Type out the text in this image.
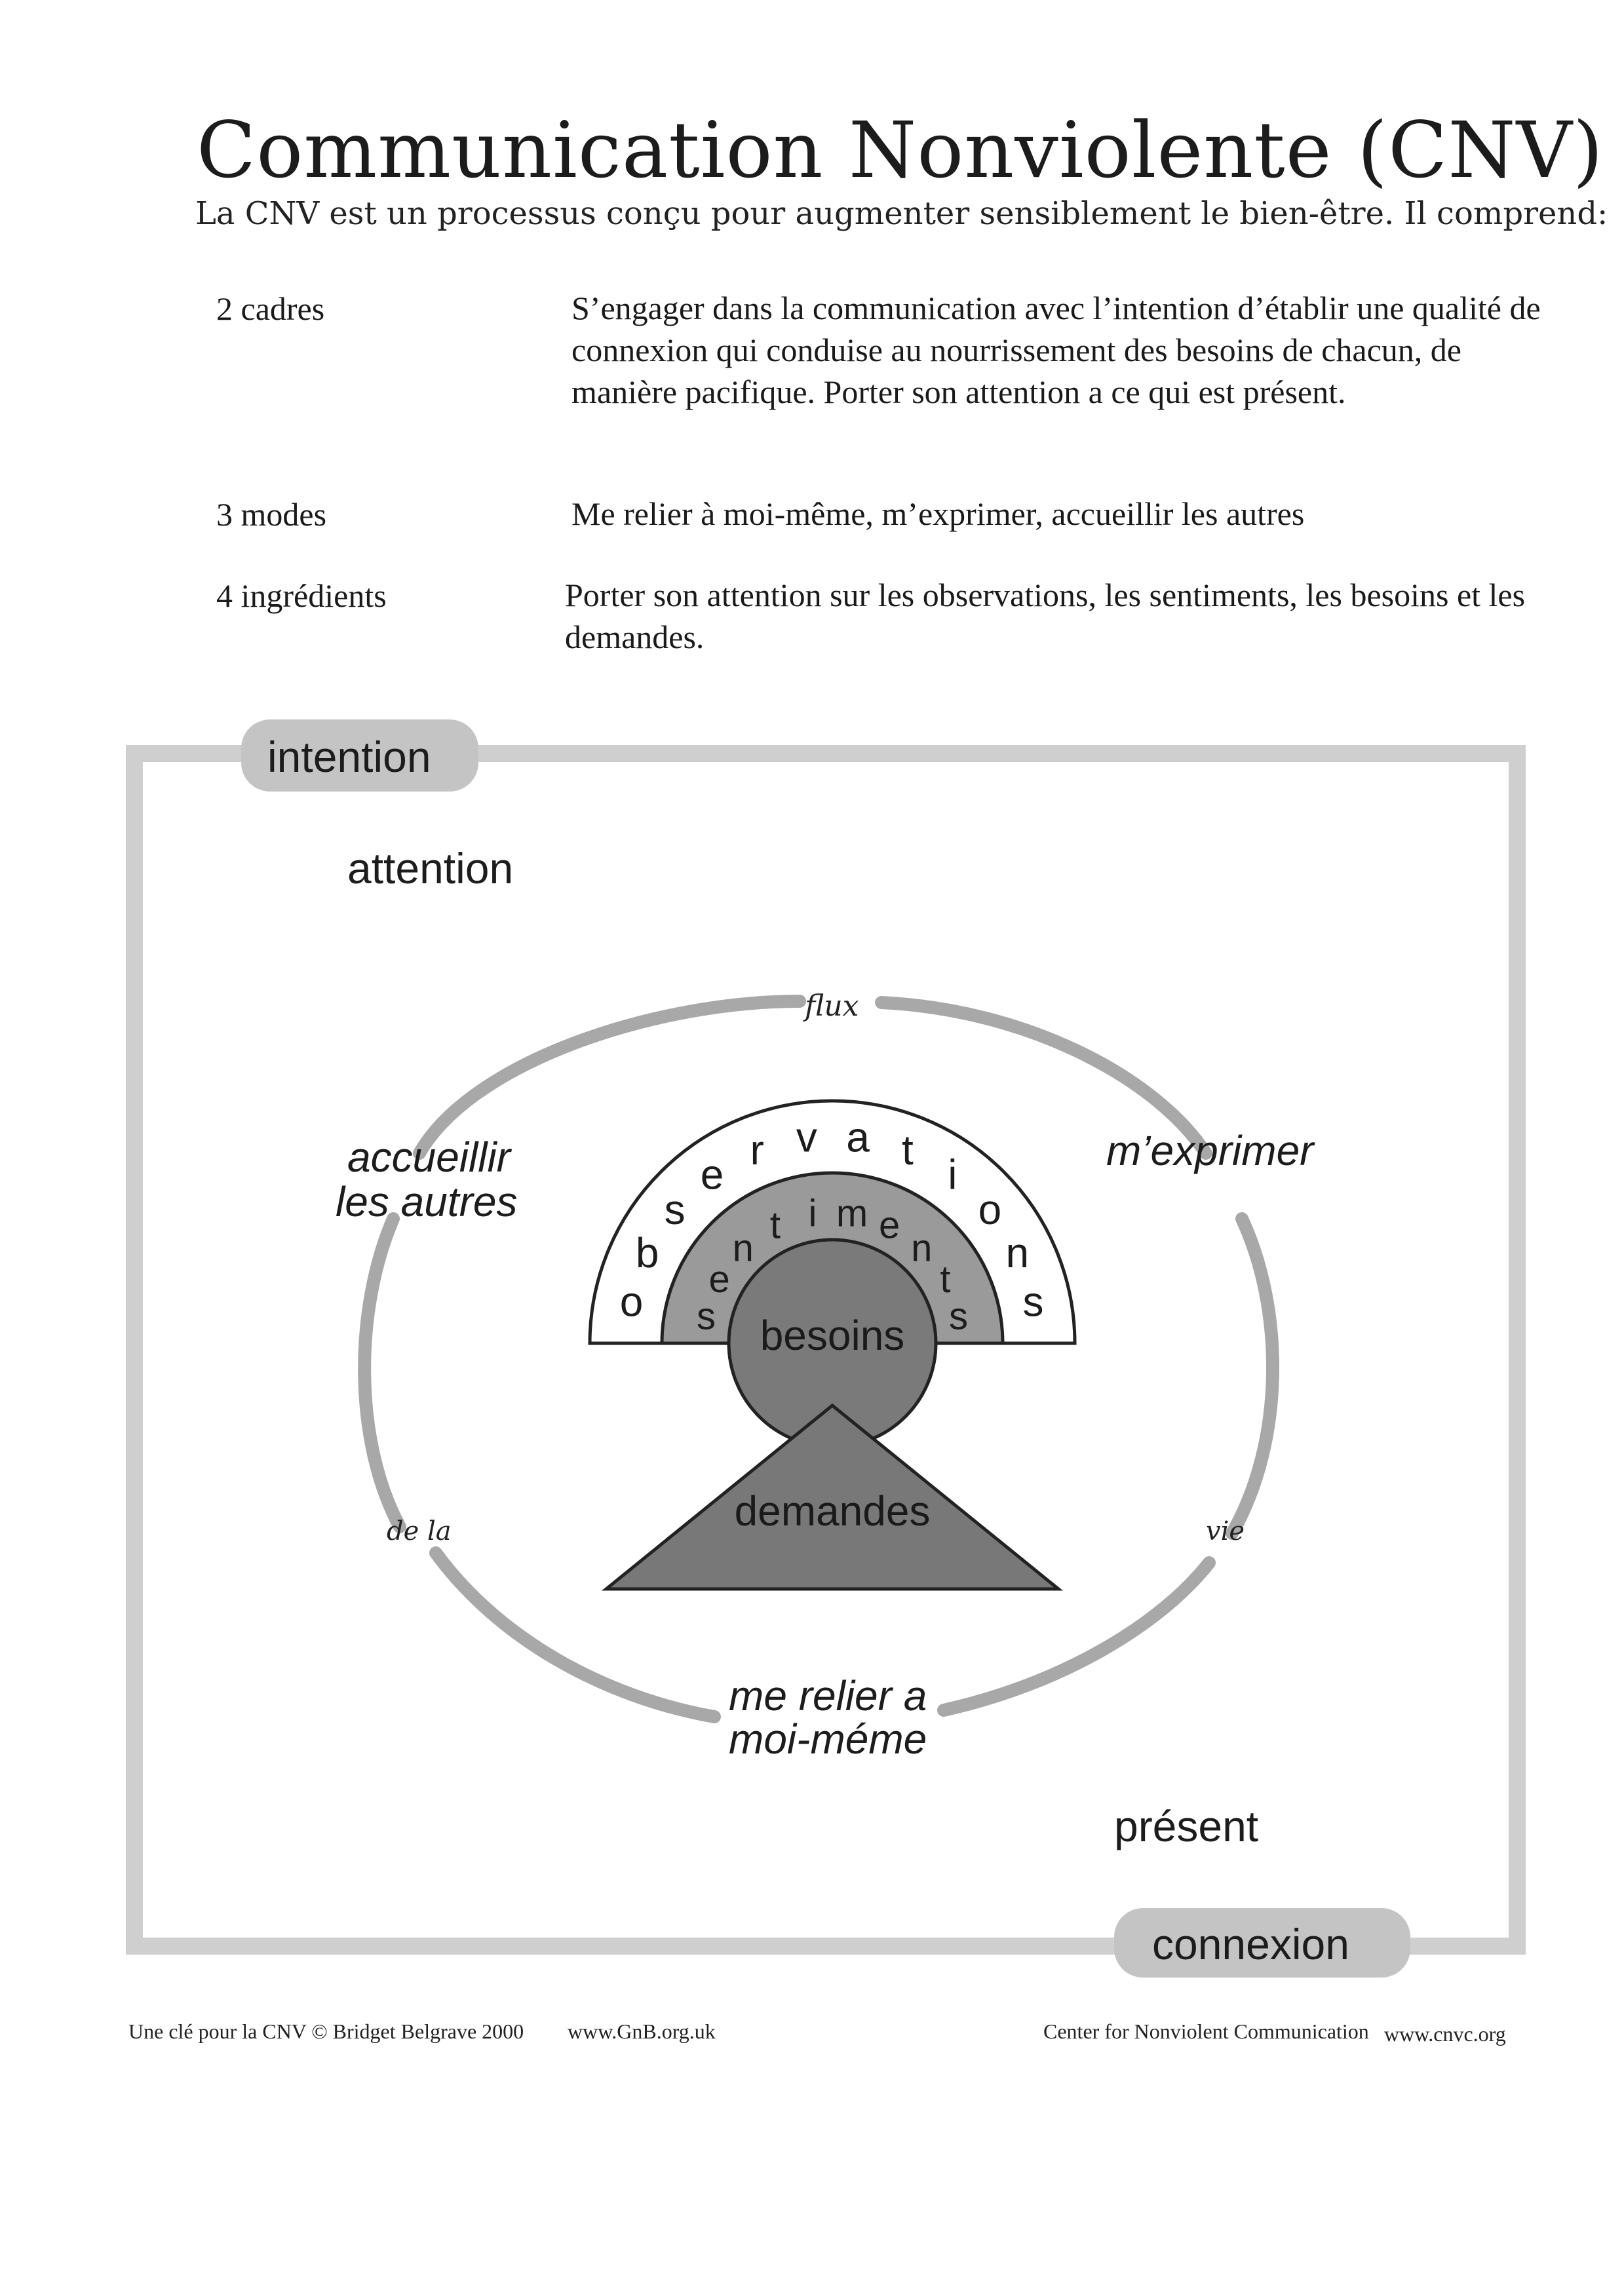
Communication Nonviolente (CNV)
La CNV est un processus conçu pour augmenter sensiblement le bien-être. Il comprend:
2 cadres	S’engager dans la communication avec l’intention d’établir une qualité de connexion qui conduise au nourrissement des besoins de chacun, de manière pacifique. Porter son attention a ce qui est présent.
3 modes	Me relier à moi-même, m’exprimer, accueillir les autres
4 ingrédients	Porter son attention sur les observations, les sentiments, les besoins et les demandes.
intention
connexion
attention
présent
flux
de la	vie
accueillir
les autres
m’exprimer
me relier a
moi-méme
besoins
demandes
o
b
s
e
r v a t
i
o
n
s
s
e
n
t i m e
n
t
s
Une clé pour la CNV © Bridget Belgrave 2000 www.GnB.org.uk	Center for Nonviolent Communication www.cnvc.org
